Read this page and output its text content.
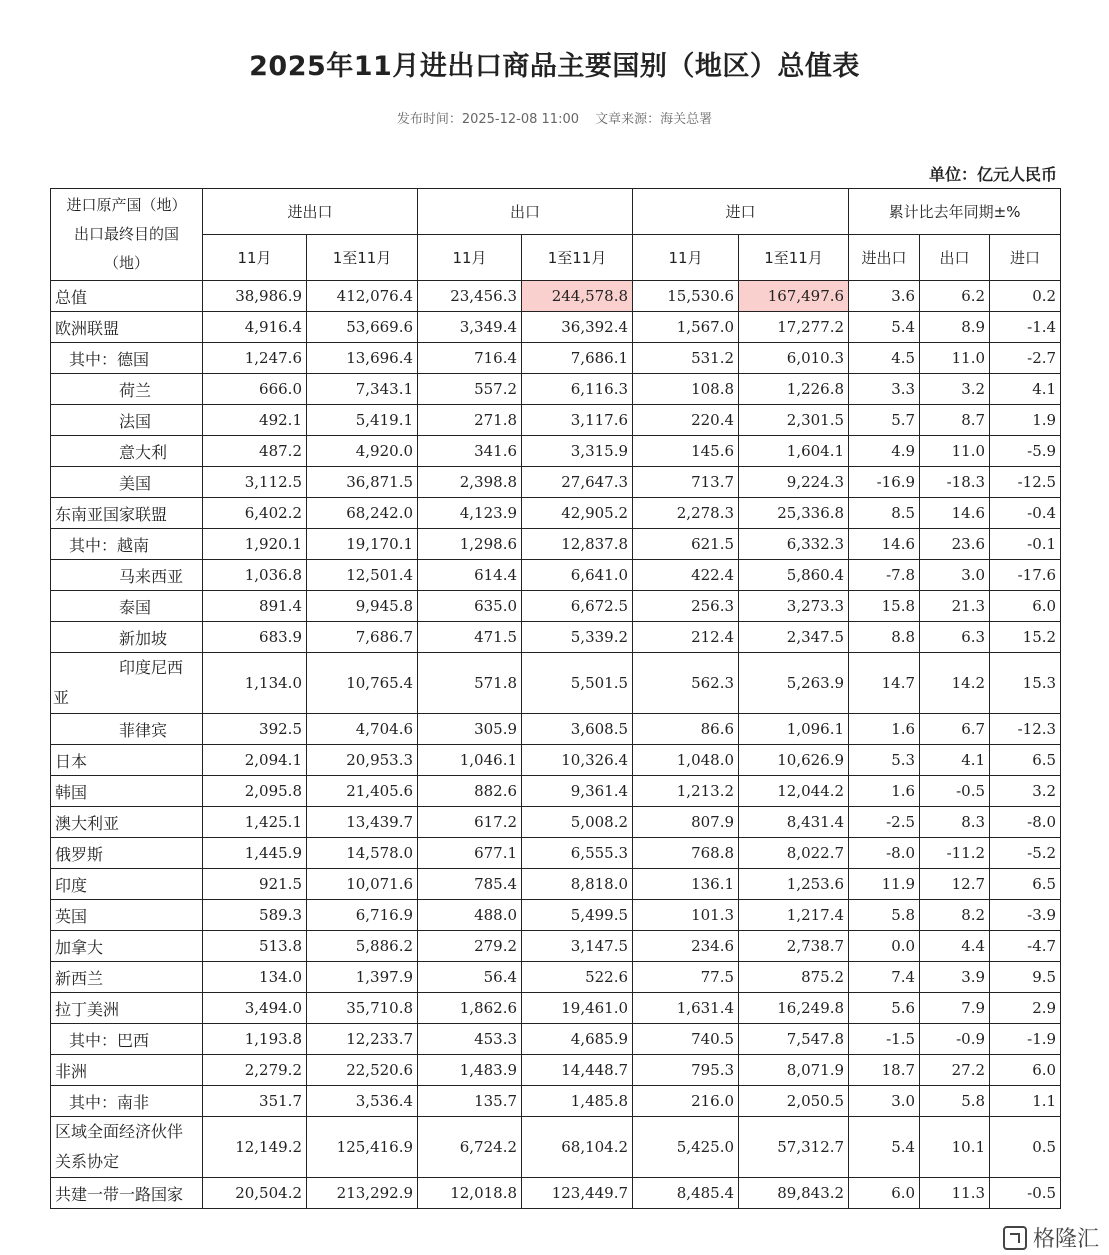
2025年11月进出口商品主要国别（地区）总值表
发布时间：2025-12-08 11:00 文章来源：海关总署
单位：亿元人民币
进口原产国（地）
出口最终目的国
（地）	进出口		出口		进口		累计比去年同期±%		
	11月	1至11月	11月	1至11月	11月	1至11月	进出口	出口	进口
总值	38,986.9	412,076.4	23,456.3	244,578.8	15,530.6	167,497.6	3.6	6.2	0.2
欧洲联盟	4,916.4	53,669.6	3,349.4	36,392.4	1,567.0	17,277.2	5.4	8.9	-1.4
其中：德国	1,247.6	13,696.4	716.4	7,686.1	531.2	6,010.3	4.5	11.0	-2.7
荷兰	666.0	7,343.1	557.2	6,116.3	108.8	1,226.8	3.3	3.2	4.1
法国	492.1	5,419.1	271.8	3,117.6	220.4	2,301.5	5.7	8.7	1.9
意大利	487.2	4,920.0	341.6	3,315.9	145.6	1,604.1	4.9	11.0	-5.9
美国	3,112.5	36,871.5	2,398.8	27,647.3	713.7	9,224.3	-16.9	-18.3	-12.5
东南亚国家联盟	6,402.2	68,242.0	4,123.9	42,905.2	2,278.3	25,336.8	8.5	14.6	-0.4
其中：越南	1,920.1	19,170.1	1,298.6	12,837.8	621.5	6,332.3	14.6	23.6	-0.1
马来西亚	1,036.8	12,501.4	614.4	6,641.0	422.4	5,860.4	-7.8	3.0	-17.6
泰国	891.4	9,945.8	635.0	6,672.5	256.3	3,273.3	15.8	21.3	6.0
新加坡	683.9	7,686.7	471.5	5,339.2	212.4	2,347.5	8.8	6.3	15.2
印度尼西亚	1,134.0	10,765.4	571.8	5,501.5	562.3	5,263.9	14.7	14.2	15.3
菲律宾	392.5	4,704.6	305.9	3,608.5	86.6	1,096.1	1.6	6.7	-12.3
日本	2,094.1	20,953.3	1,046.1	10,326.4	1,048.0	10,626.9	5.3	4.1	6.5
韩国	2,095.8	21,405.6	882.6	9,361.4	1,213.2	12,044.2	1.6	-0.5	3.2
澳大利亚	1,425.1	13,439.7	617.2	5,008.2	807.9	8,431.4	-2.5	8.3	-8.0
俄罗斯	1,445.9	14,578.0	677.1	6,555.3	768.8	8,022.7	-8.0	-11.2	-5.2
印度	921.5	10,071.6	785.4	8,818.0	136.1	1,253.6	11.9	12.7	6.5
英国	589.3	6,716.9	488.0	5,499.5	101.3	1,217.4	5.8	8.2	-3.9
加拿大	513.8	5,886.2	279.2	3,147.5	234.6	2,738.7	0.0	4.4	-4.7
新西兰	134.0	1,397.9	56.4	522.6	77.5	875.2	7.4	3.9	9.5
拉丁美洲	3,494.0	35,710.8	1,862.6	19,461.0	1,631.4	16,249.8	5.6	7.9	2.9
其中：巴西	1,193.8	12,233.7	453.3	4,685.9	740.5	7,547.8	-1.5	-0.9	-1.9
非洲	2,279.2	22,520.6	1,483.9	14,448.7	795.3	8,071.9	18.7	27.2	6.0
其中：南非	351.7	3,536.4	135.7	1,485.8	216.0	2,050.5	3.0	5.8	1.1
区域全面经济伙伴关系协定	12,149.2	125,416.9	6,724.2	68,104.2	5,425.0	57,312.7	5.4	10.1	0.5
共建一带一路国家	20,504.2	213,292.9	12,018.8	123,449.7	8,485.4	89,843.2	6.0	11.3	-0.5
格隆汇
